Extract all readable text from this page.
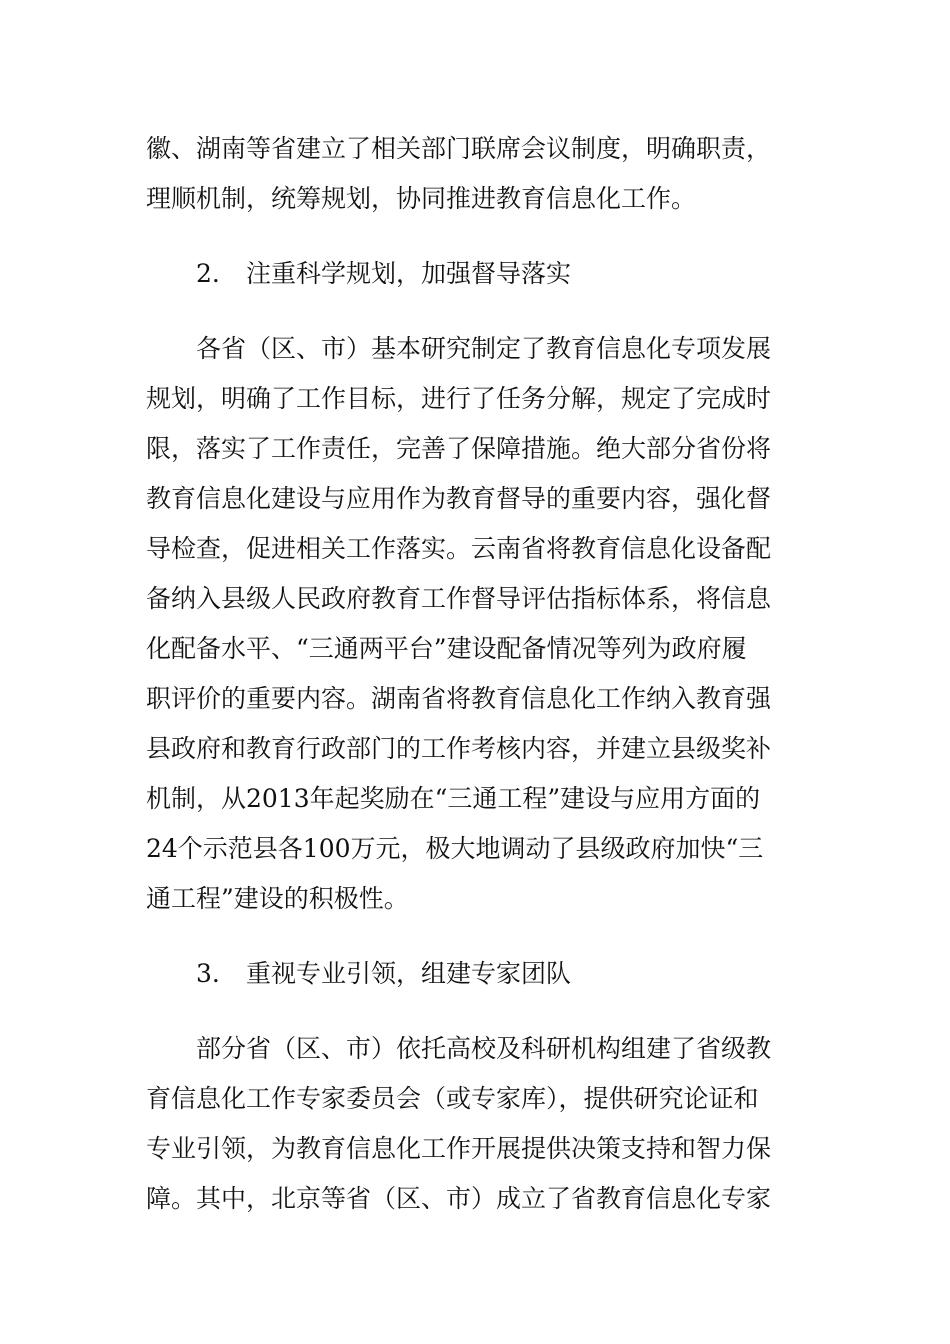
徽、湖南等省建立了相关部门联席会议制度，明确职责，
理顺机制，统筹规划，协同推进教育信息化工作。
2. 注重科学规划，加强督导落实
各省（区、市）基本研究制定了教育信息化专项发展
规划，明确了工作目标，进行了任务分解，规定了完成时
限，落实了工作责任，完善了保障措施。绝大部分省份将
教育信息化建设与应用作为教育督导的重要内容，强化督
导检查，促进相关工作落实。云南省将教育信息化设备配
备纳入县级人民政府教育工作督导评估指标体系，将信息
化配备水平、“三通两平台”建设配备情况等列为政府履
职评价的重要内容。湖南省将教育信息化工作纳入教育强
县政府和教育行政部门的工作考核内容，并建立县级奖补
机制，从2013年起奖励在“三通工程”建设与应用方面的
24个示范县各100万元，极大地调动了县级政府加快“三
通工程”建设的积极性。
3. 重视专业引领，组建专家团队
部分省（区、市）依托高校及科研机构组建了省级教
育信息化工作专家委员会（或专家库），提供研究论证和
专业引领，为教育信息化工作开展提供决策支持和智力保
障。其中，北京等省（区、市）成立了省教育信息化专家
